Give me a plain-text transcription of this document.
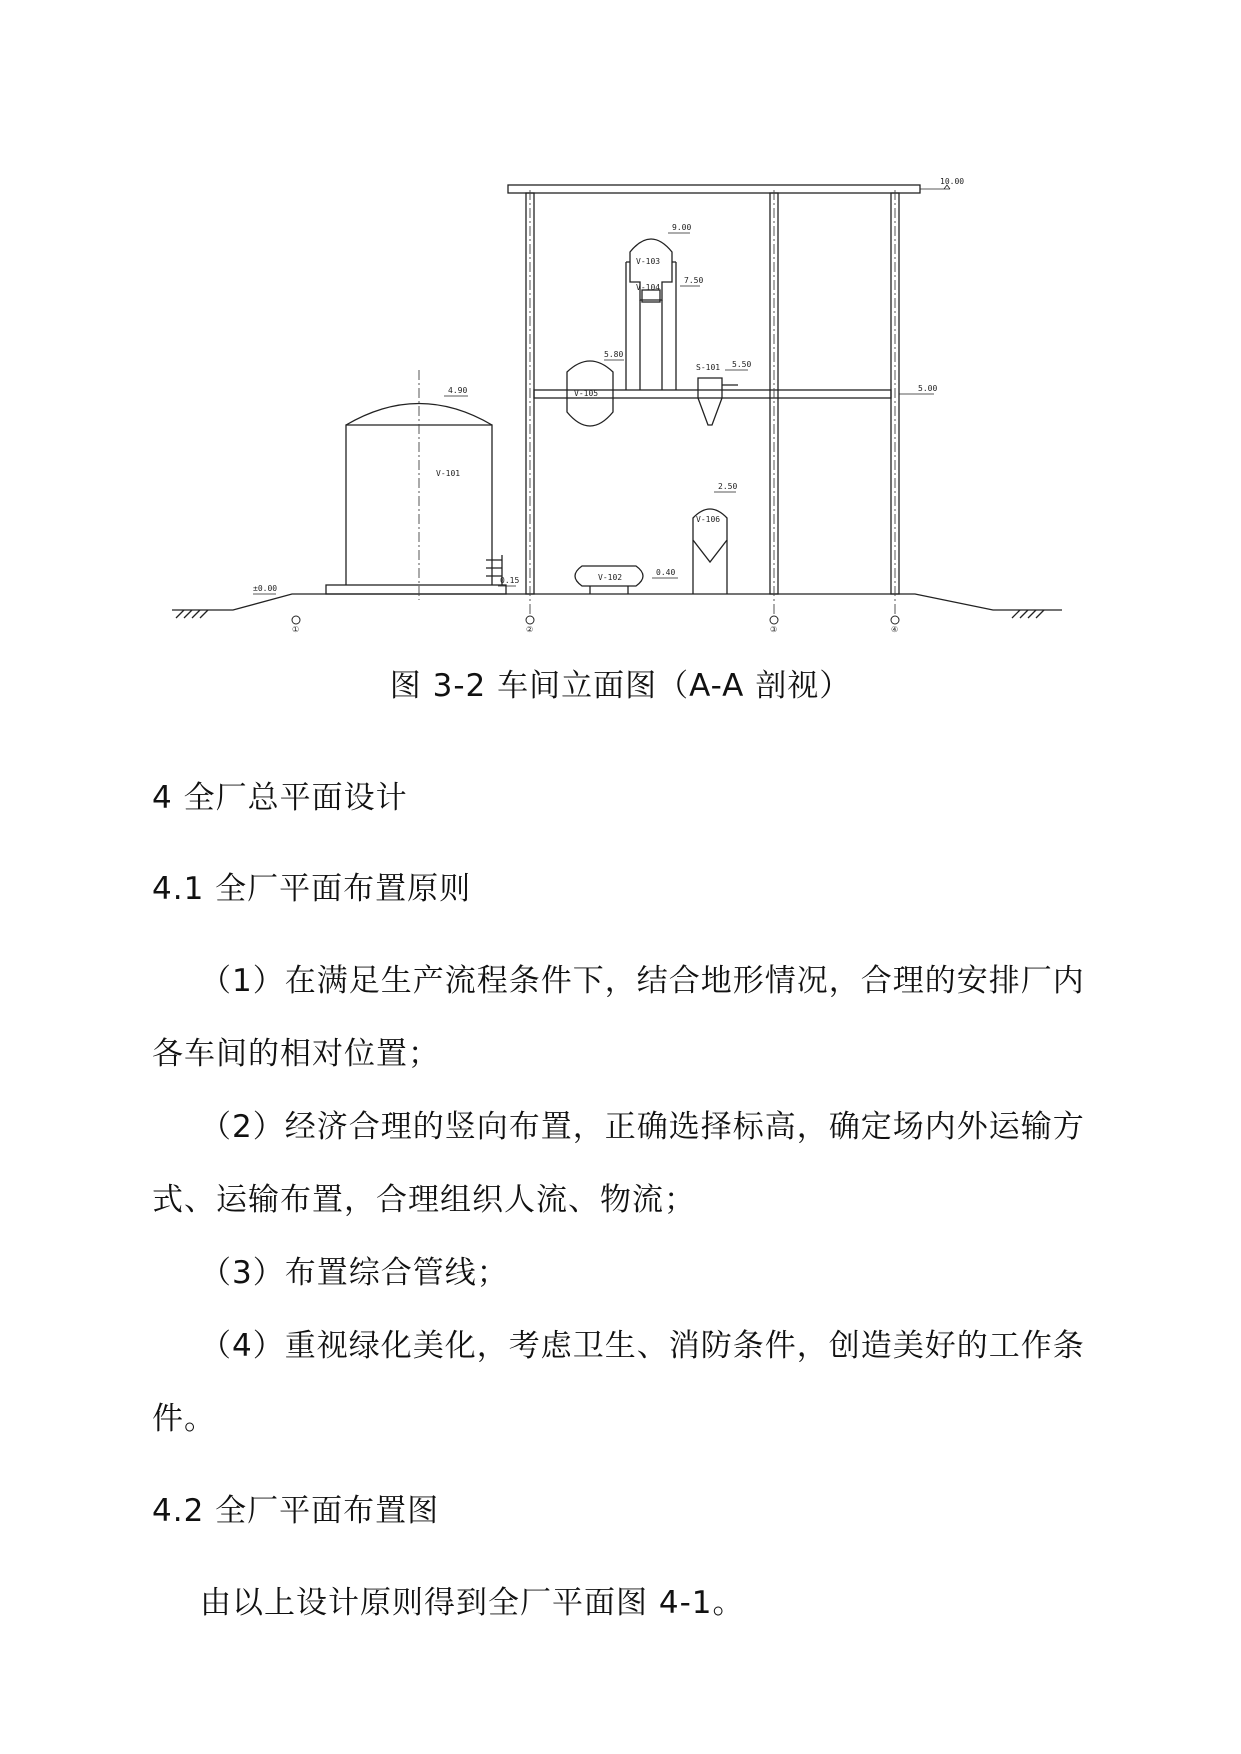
①	②	③	④
10.00
9.00
7.50
5.80
5.50
5.00
4.90
2.50
0.40
0.15
±0.00
V-101
V-102
V-103
V-104
V-105
V-106
S-101
图 3-2 车间立面图（A-A 剖视）
4 全厂总平面设计
4.1 全厂平面布置原则
（1）在满足生产流程条件下，结合地形情况，合理的安排厂内
各车间的相对位置；
（2）经济合理的竖向布置，正确选择标高，确定场内外运输方
式、运输布置，合理组织人流、物流；
（3）布置综合管线；
（4）重视绿化美化，考虑卫生、消防条件，创造美好的工作条
件。
4.2 全厂平面布置图
由以上设计原则得到全厂平面图 4-1。
